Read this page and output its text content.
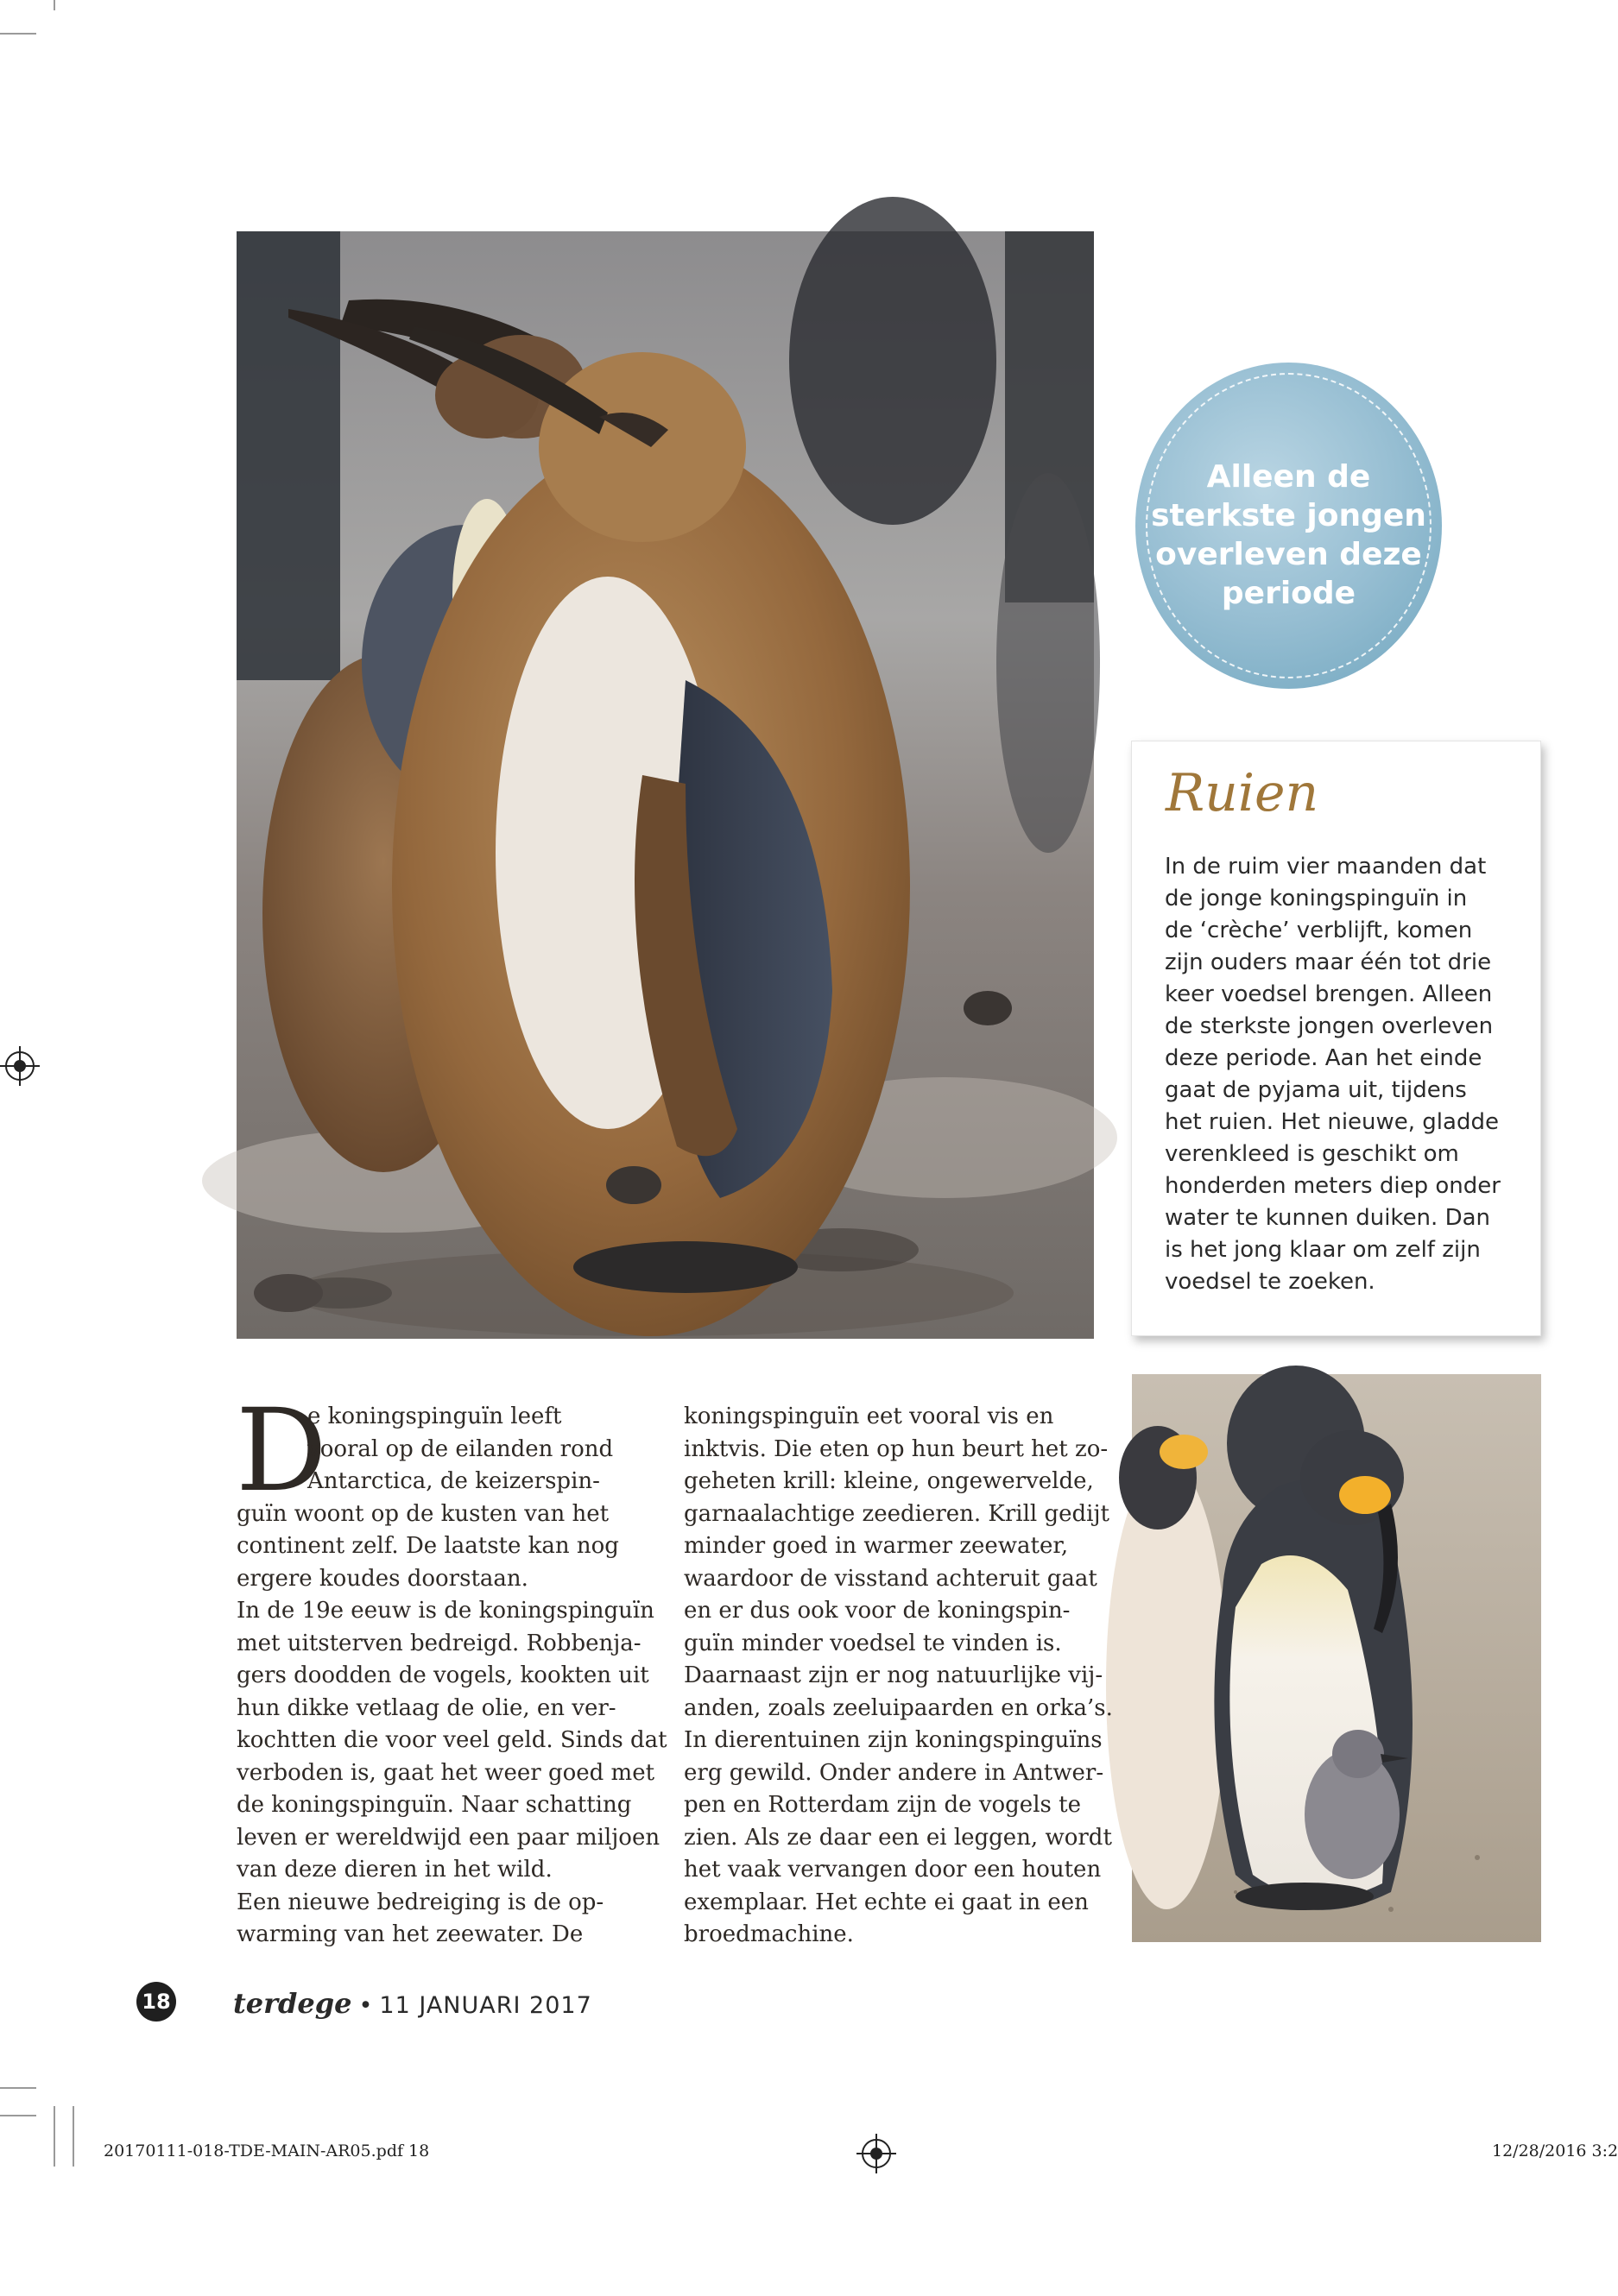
Alleen de
sterkste jongen
overleven deze
periode
Ruien
In de ruim vier maanden dat
de jonge koningspinguïn in
de ‘crèche’ verblijft, komen
zijn ouders maar één tot drie
keer voedsel brengen. Alleen
de sterkste jongen overleven
deze periode. Aan het einde
gaat de pyjama uit, tijdens
het ruien. Het nieuwe, gladde
verenkleed is geschikt om
honderden meters diep onder
water te kunnen duiken. Dan
is het jong klaar om zelf zijn
voedsel te zoeken.
D
e koningspinguïn leeft
vooral op de eilanden rond
Antarctica, de keizerspin-
guïn woont op de kusten van het
continent zelf. De laatste kan nog
ergere koudes doorstaan.
In de 19e eeuw is de koningspinguïn
met uitsterven bedreigd. Robbenja-
gers doodden de vogels, kookten uit
hun dikke vetlaag de olie, en ver-
kochtten die voor veel geld. Sinds dat
verboden is, gaat het weer goed met
de koningspinguïn. Naar schatting
leven er wereldwijd een paar miljoen
van deze dieren in het wild.
Een nieuwe bedreiging is de op-
warming van het zeewater. De
koningspinguïn eet vooral vis en
inktvis. Die eten op hun beurt het zo-
geheten krill: kleine, ongewervelde,
garnaalachtige zeedieren. Krill gedijt
minder goed in warmer zeewater,
waardoor de visstand achteruit gaat
en er dus ook voor de koningspin-
guïn minder voedsel te vinden is.
Daarnaast zijn er nog natuurlijke vij-
anden, zoals zeeluipaarden en orka’s.
In dierentuinen zijn koningspinguïns
erg gewild. Onder andere in Antwer-
pen en Rotterdam zijn de vogels te
zien. Als ze daar een ei leggen, wordt
het vaak vervangen door een houten
exemplaar. Het echte ei gaat in een
broedmachine.
18 terdege • 11 JANUARI 2017
20170111-018-TDE-MAIN-AR05.pdf 18	12/28/2016 3:2
